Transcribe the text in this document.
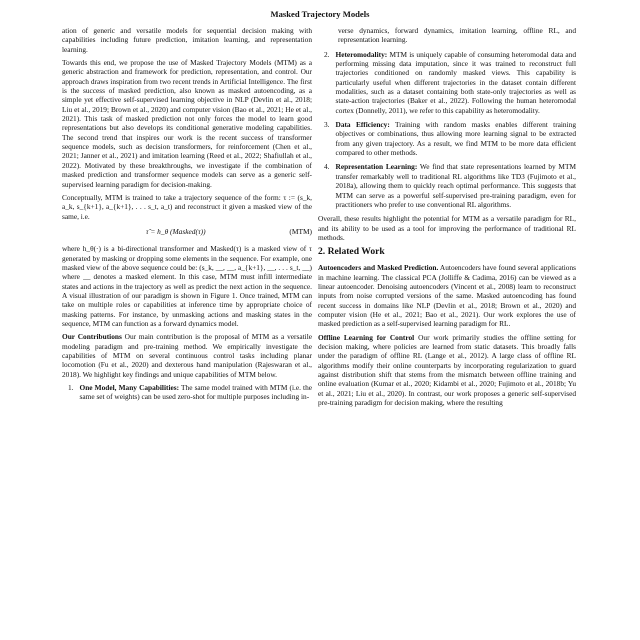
Masked Trajectory Models

ation of generic and versatile models for sequential decision making with capabilities including future prediction, imitation learning, and representation learning.

Towards this end, we propose the use of Masked Trajectory Models (MTM) as a generic abstraction and framework for prediction, representation, and control. Our approach draws inspiration from two recent trends in Artificial Intelligence. The first is the success of masked prediction, also known as masked autoencoding, as a simple yet effective self-supervised learning objective in NLP (Devlin et al., 2018; Liu et al., 2019; Brown et al., 2020) and computer vision (Bao et al., 2021; He et al., 2021). This task of masked prediction not only forces the model to learn good representations but also develops its conditional generative modeling capabilities. The second trend that inspires our work is the recent success of transformer sequence models, such as decision transformers, for reinforcement (Chen et al., 2021; Janner et al., 2021) and imitation learning (Reed et al., 2022; Shafiullah et al., 2022). Motivated by these breakthroughs, we investigate if the combination of masked prediction and transformer sequence models can serve as a generic self-supervised learning paradigm for decision-making.

Conceptually, MTM is trained to take a trajectory sequence of the form: τ := (s_k, a_k, s_{k+1}, a_{k+1}, . . . s_t, a_t) and reconstruct it given a masked view of the same, i.e.

τ̂ = h_θ (Masked(τ))	(MTM)

where h_θ(·) is a bi-directional transformer and Masked(τ) is a masked view of τ generated by masking or dropping some elements in the sequence. For example, one masked view of the above sequence could be: (s_k, __, __, a_{k+1}, __, . . . s_t, __) where __ denotes a masked element. In this case, MTM must infill intermediate states and actions in the trajectory as well as predict the next action in the sequence. A visual illustration of our paradigm is shown in Figure 1. Once trained, MTM can take on multiple roles or capabilities at inference time by appropriate choice of masking patterns. For instance, by unmasking actions and masking states in the sequence, MTM can function as a forward dynamics model.

Our Contributions Our main contribution is the proposal of MTM as a versatile modeling paradigm and pre-training method. We empirically investigate the capabilities of MTM on several continuous control tasks including planar locomotion (Fu et al., 2020) and dexterous hand manipulation (Rajeswaran et al., 2018). We highlight key findings and unique capabilities of MTM below.

1. One Model, Many Capabilities: The same model trained with MTM (i.e. the same set of weights) can be used zero-shot for multiple purposes including in-
verse dynamics, forward dynamics, imitation learning, offline RL, and representation learning.
2. Heteromodality: MTM is uniquely capable of consuming heteromodal data and performing missing data imputation, since it was trained to reconstruct full trajectories conditioned on randomly masked views. This capability is particularly useful when different trajectories in the dataset contain different modalities, such as a dataset containing both state-only trajectories as well as state-action trajectories (Baker et al., 2022). Following the human heteromodal cortex (Donnelly, 2011), we refer to this capability as heteromodality.
3. Data Efficiency: Training with random masks enables different training objectives or combinations, thus allowing more learning signal to be extracted from any given trajectory. As a result, we find MTM to be more data efficient compared to other methods.
4. Representation Learning: We find that state representations learned by MTM transfer remarkably well to traditional RL algorithms like TD3 (Fujimoto et al., 2018a), allowing them to quickly reach optimal performance. This suggests that MTM can serve as a powerful self-supervised pre-training paradigm, even for practitioners who prefer to use conventional RL algorithms.

Overall, these results highlight the potential for MTM as a versatile paradigm for RL, and its ability to be used as a tool for improving the performance of traditional RL methods.

2. Related Work

Autoencoders and Masked Prediction. Autoencoders have found several applications in machine learning. The classical PCA (Jolliffe & Cadima, 2016) can be viewed as a linear autoencoder. Denoising autoencoders (Vincent et al., 2008) learn to reconstruct inputs from noise corrupted versions of the same. Masked autoencoding has found recent success in domains like NLP (Devlin et al., 2018; Brown et al., 2020) and computer vision (He et al., 2021; Bao et al., 2021). Our work explores the use of masked prediction as a self-supervised learning paradigm for RL.

Offline Learning for Control Our work primarily studies the offline setting for decision making, where policies are learned from static datasets. This broadly falls under the paradigm of offline RL (Lange et al., 2012). A large class of offline RL algorithms modify their online counterparts by incorporating regularization to guard against distribution shift that stems from the mismatch between offline training and online evaluation (Kumar et al., 2020; Kidambi et al., 2020; Fujimoto et al., 2018b; Yu et al., 2021; Liu et al., 2020). In contrast, our work proposes a generic self-supervised pre-training paradigm for decision making, where the resulting
